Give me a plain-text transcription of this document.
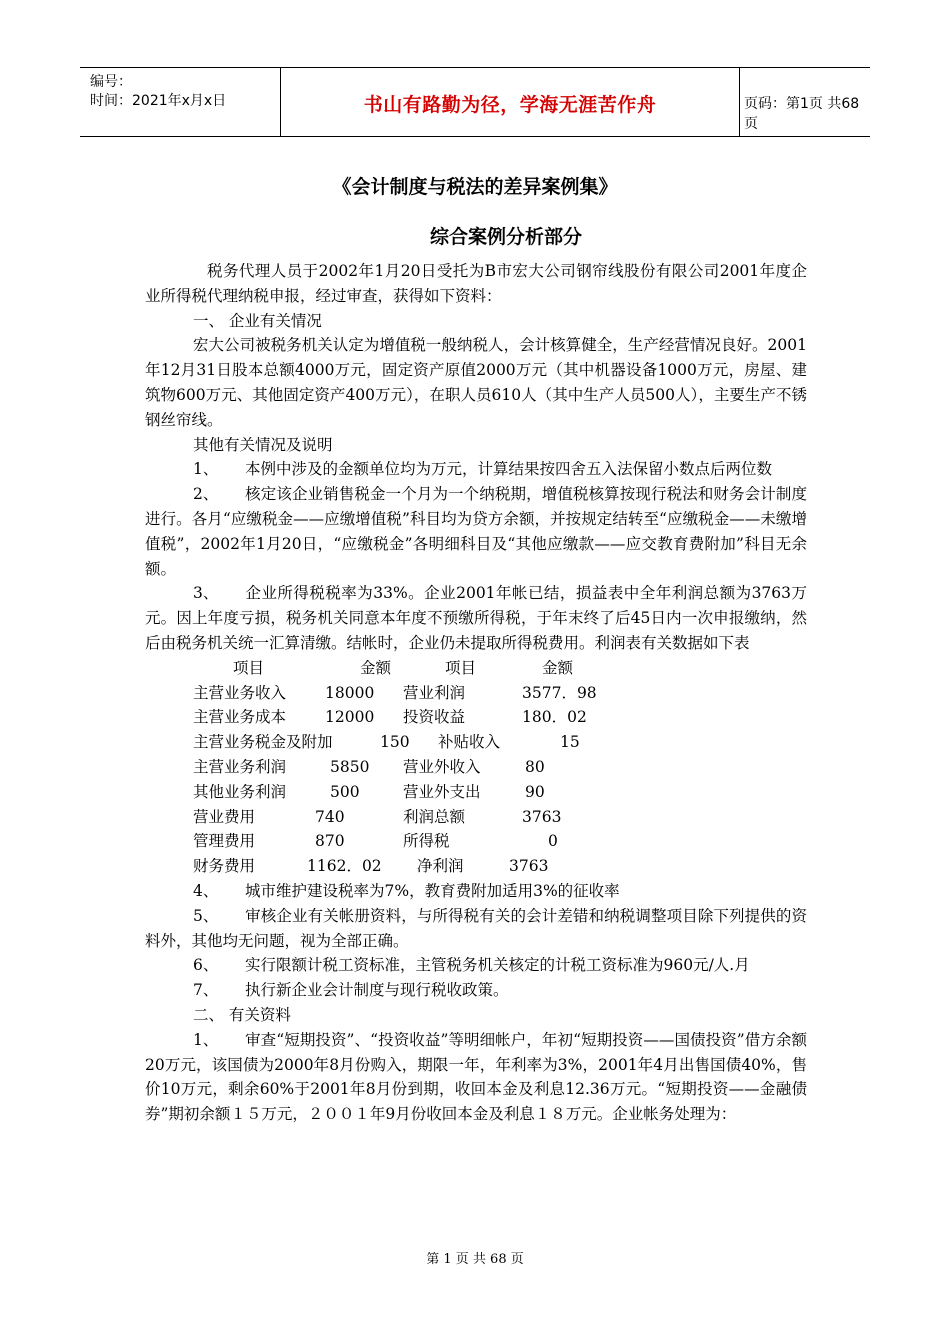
编号：
时间：2021年x月x日	书山有路勤为径，学海无涯苦作舟	页码：第1页 共68页
《会计制度与税法的差异案例集》
综合案例分析部分

税务代理人员于2002年1月20日受托为B市宏大公司钢帘线股份有限公司2001年度企业所得税代理纳税申报，经过审查，获得如下资料：

一、 企业有关情况

宏大公司被税务机关认定为增值税一般纳税人，会计核算健全，生产经营情况良好。2001年12月31日股本总额4000万元，固定资产原值2000万元（其中机器设备1000万元，房屋、建筑物600万元、其他固定资产400万元），在职人员610人（其中生产人员500人），主要生产不锈钢丝帘线。

其他有关情况及说明

1、 本例中涉及的金额单位均为万元，计算结果按四舍五入法保留小数点后两位数

2、 核定该企业销售税金一个月为一个纳税期，增值税核算按现行税法和财务会计制度进行。各月“应缴税金——应缴增值税”科目均为贷方余额，并按规定结转至“应缴税金——未缴增值税”，2002年1月20日，“应缴税金”各明细科目及“其他应缴款——应交教育费附加”科目无余额。

3、 企业所得税税率为33%。企业2001年帐已结，损益表中全年利润总额为3763万元。因上年度亏损，税务机关同意本年度不预缴所得税，于年末终了后45日内一次申报缴纳，然后由税务机关统一汇算清缴。结帐时，企业仍未提取所得税费用。利润表有关数据如下表

项目	金额	项目	金额
主营业务收入	18000 营业利润	3577．98
主营业务成本	12000 投资收益	180．02
主营业务税金及附加	150 补贴收入	15
主营业务利润	5850 营业外收入	80
其他业务利润	500	营业外支出	90
营业费用	740	利润总额	3763
管理费用	870	所得税	0
财务费用	1162．02 净利润	3763

4、 城市维护建设税率为7%，教育费附加适用3%的征收率

5、 审核企业有关帐册资料，与所得税有关的会计差错和纳税调整项目除下列提供的资料外，其他均无问题，视为全部正确。

6、 实行限额计税工资标准，主管税务机关核定的计税工资标准为960元/人.月

7、 执行新企业会计制度与现行税收政策。

二、 有关资料

1、 审查“短期投资”、“投资收益”等明细帐户，年初“短期投资——国债投资”借方余额20万元，该国债为2000年8月份购入，期限一年，年利率为3%，2001年4月出售国债40%，售价10万元，剩余60%于2001年8月份到期，收回本金及利息12.36万元。“短期投资——金融债券”期初余额１５万元，２００１年9月份收回本金及利息１８万元。企业帐务处理为：

第 1 页 共 68 页
